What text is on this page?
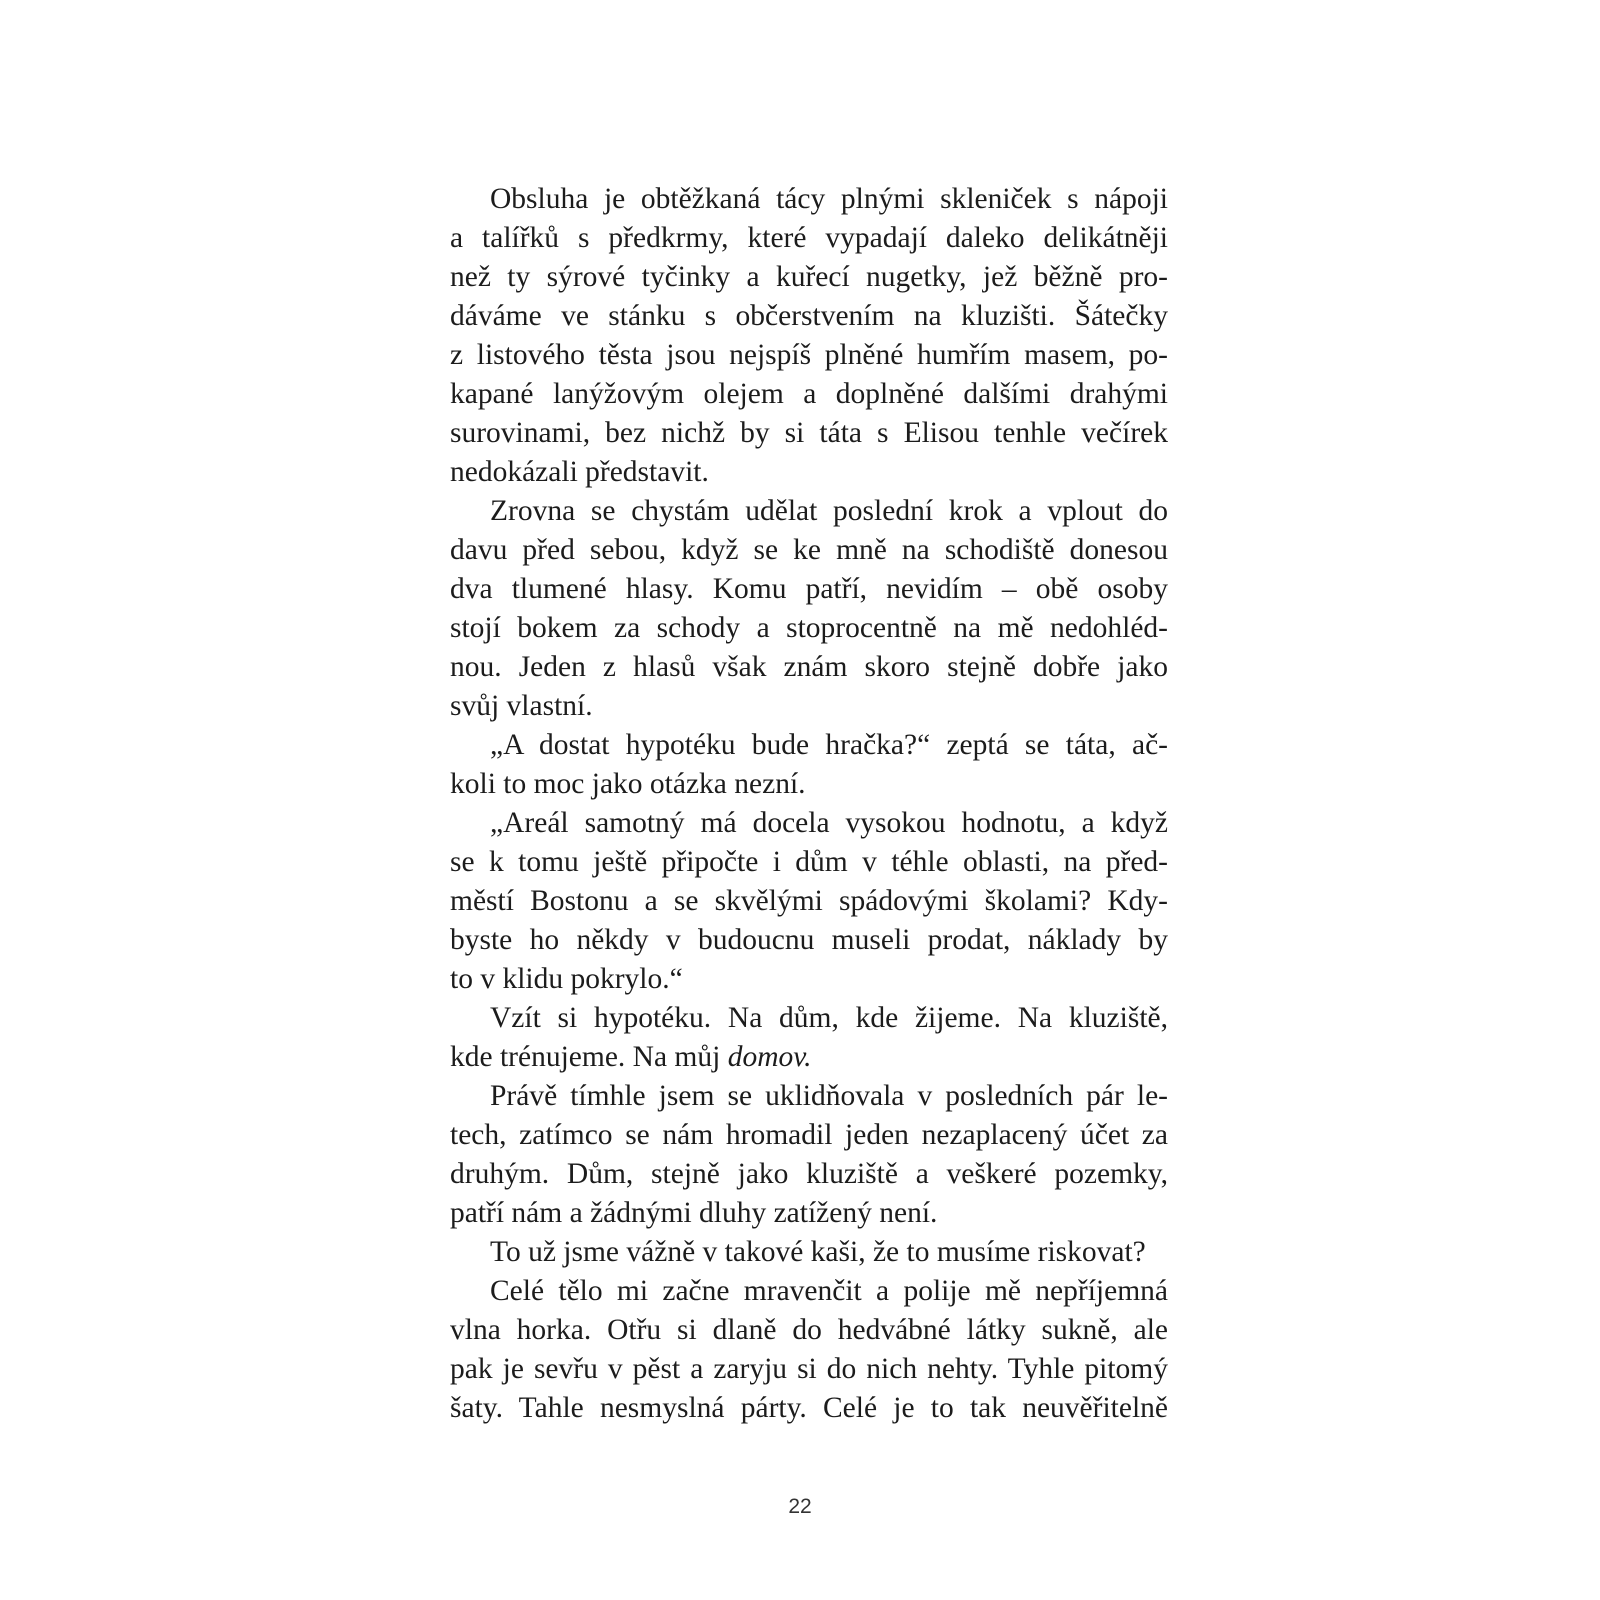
Obsluha je obtěžkaná tácy plnými skleniček s nápoji
a talířků s předkrmy, které vypadají daleko delikátněji
než ty sýrové tyčinky a kuřecí nugetky, jež běžně pro-
dáváme ve stánku s občerstvením na kluzišti. Šátečky
z listového těsta jsou nejspíš plněné humřím masem, po-
kapané lanýžovým olejem a doplněné dalšími drahými
surovinami, bez nichž by si táta s Elisou tenhle večírek
nedokázali představit.
Zrovna se chystám udělat poslední krok a vplout do
davu před sebou, když se ke mně na schodiště donesou
dva tlumené hlasy. Komu patří, nevidím – obě osoby
stojí bokem za schody a stoprocentně na mě nedohléd-
nou. Jeden z hlasů však znám skoro stejně dobře jako
svůj vlastní.
„A dostat hypotéku bude hračka?“ zeptá se táta, ač-
koli to moc jako otázka nezní.
„Areál samotný má docela vysokou hodnotu, a když
se k tomu ještě připočte i dům v téhle oblasti, na před-
městí Bostonu a se skvělými spádovými školami? Kdy-
byste ho někdy v budoucnu museli prodat, náklady by
to v klidu pokrylo.“
Vzít si hypotéku. Na dům, kde žijeme. Na kluziště,
kde trénujeme. Na můj domov.
Právě tímhle jsem se uklidňovala v posledních pár le-
tech, zatímco se nám hromadil jeden nezaplacený účet za
druhým. Dům, stejně jako kluziště a veškeré pozemky,
patří nám a žádnými dluhy zatížený není.
To už jsme vážně v takové kaši, že to musíme riskovat?
Celé tělo mi začne mravenčit a polije mě nepříjemná
vlna horka. Otřu si dlaně do hedvábné látky sukně, ale
pak je sevřu v pěst a zaryju si do nich nehty. Tyhle pitomý
šaty. Tahle nesmyslná párty. Celé je to tak neuvěřitelně
22
